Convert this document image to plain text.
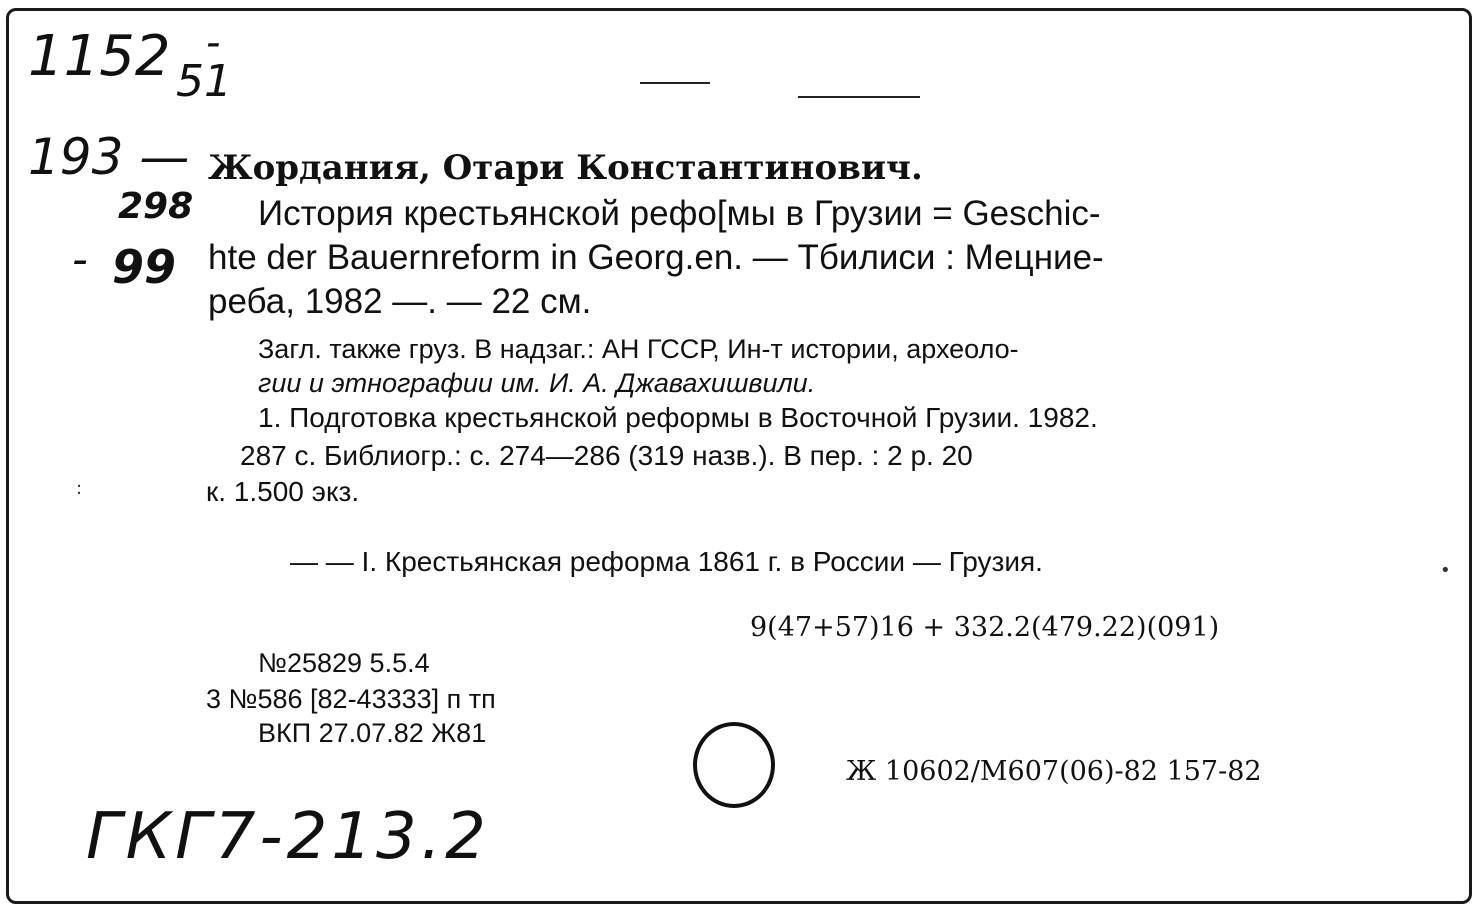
1152 -
51
193 —
298
- 99
ГКГ7-213.2
:
•
Жордания, Отари Константинович.
История крестьянской рефо[мы в Грузии = Geschic-
hte der Bauernreform in Georg.en. — Тбилиси : Мецние-
реба, 1982 —. — 22 см.
Загл. также груз. В надзаг.: АН ГССР, Ин-т истории, археоло-
гии и этнографии им. И. А. Джавахишвили.
1. Подготовка крестьянской реформы в Восточной Грузии. 1982.
287 с. Библиогр.: с. 274—286 (319 назв.). В пер. : 2 р. 20
к. 1.500 экз.
— — I. Крестьянская реформа 1861 г. в России — Грузия.
9(47+57)16 + 332.2(479.22)(091)
№25829 5.5.4
3 №586 [82-43333] п тп
ВКП 27.07.82 Ж81
Ж 10602/М607(06)-82 157-82
